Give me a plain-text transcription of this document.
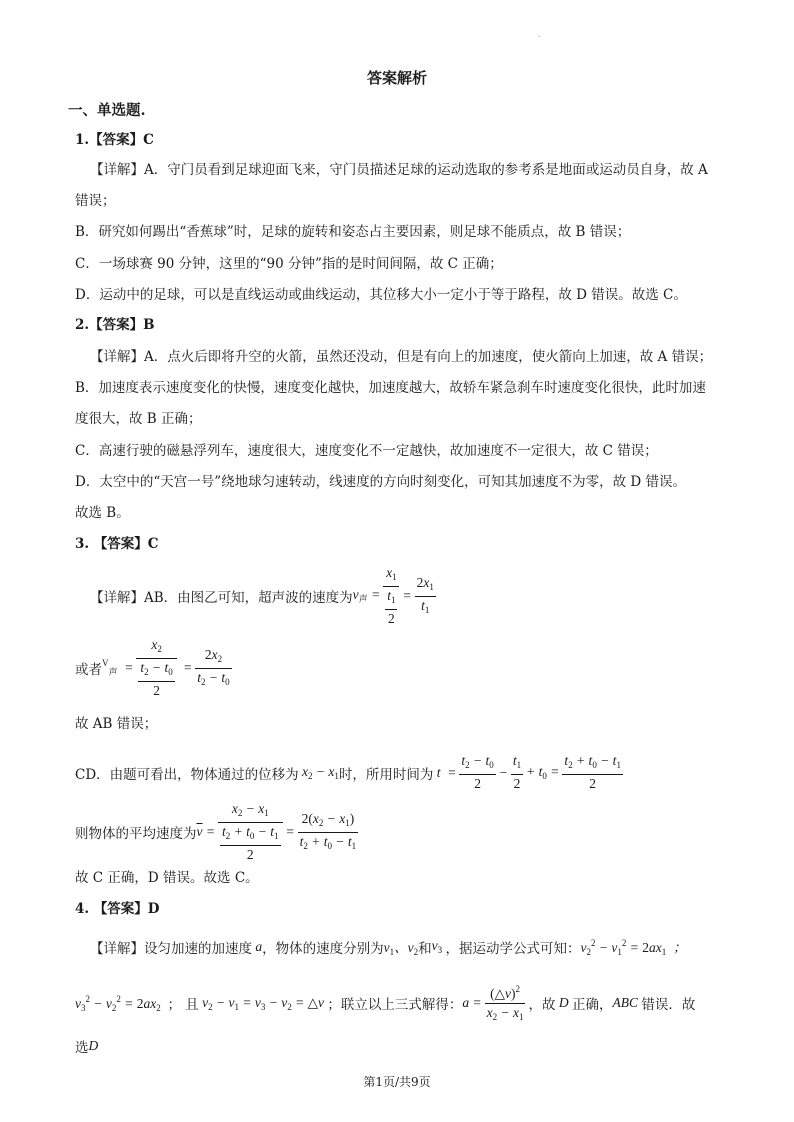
.
答案解析
一、单选题.
1.【答案】C
【详解】A．守门员看到足球迎面飞来，守门员描述足球的运动选取的参考系是地面或运动员自身，故 A
错误；
B．研究如何踢出“香蕉球”时，足球的旋转和姿态占主要因素，则足球不能质点，故 B 错误；
C．一场球赛 90 分钟，这里的“90 分钟”指的是时间间隔，故 C 正确；
D．运动中的足球，可以是直线运动或曲线运动，其位移大小一定小于等于路程，故 D 错误。故选 C。
2.【答案】B
【详解】A．点火后即将升空的火箭，虽然还没动，但是有向上的加速度，使火箭向上加速，故 A 错误；
B．加速度表示速度变化的快慢，速度变化越快，加速度越大，故轿车紧急刹车时速度变化很快，此时加速
度很大，故 B 正确；
C．高速行驶的磁悬浮列车，速度很大，速度变化不一定越快，故加速度不一定很大，故 C 错误；
D．太空中的“天宫一号”绕地球匀速转动，线速度的方向时刻变化，可知其加速度不为零，故 D 错误。
故选 B。
3. 【答案】C
【详解】AB．由图乙可知，超声波的速度为 $v_声 = \frac{x_1}{\frac{t_1}{2}} = \frac{2x_1}{t_1}$
或者 $^V_声 = \frac{x_2}{\frac{t_2 - t_0}{2}} = \frac{2x_2}{t_2 - t_0}$
故 AB 错误；
CD．由题可看出，物体通过的位移为 $x_2 - x_1$ 时，所用时间为 $t = \frac{t_2 - t_0}{2} - \frac{t_1}{2} + t_0 = \frac{t_2 + t_0 - t_1}{2}$
则物体的平均速度为 $\overline{v} = \frac{x_2 - x_1}{\frac{t_2 + t_0 - t_1}{2}} = \frac{2(x_2 - x_1)}{t_2 + t_0 - t_1}$
故 C 正确，D 错误。故选 C。
4. 【答案】D
【详解】设匀加速的加速度 a ，物体的速度分别为 $v_1$、$v_2$ 和 $v_3$ ，据运动学公式可知： $v_2^2 - v_1^2 = 2ax_1$  ；
$v_3^2 - v_2^2 = 2ax_2$ ； 且 $v_2 - v_1 = v_3 - v_2$ = △v ；联立以上三式解得： $a = \frac{(\triangle v)^2}{x_2 - x_1}$ ，故 D 正确， ABC 错误．故
选 D
第1页/共9页
